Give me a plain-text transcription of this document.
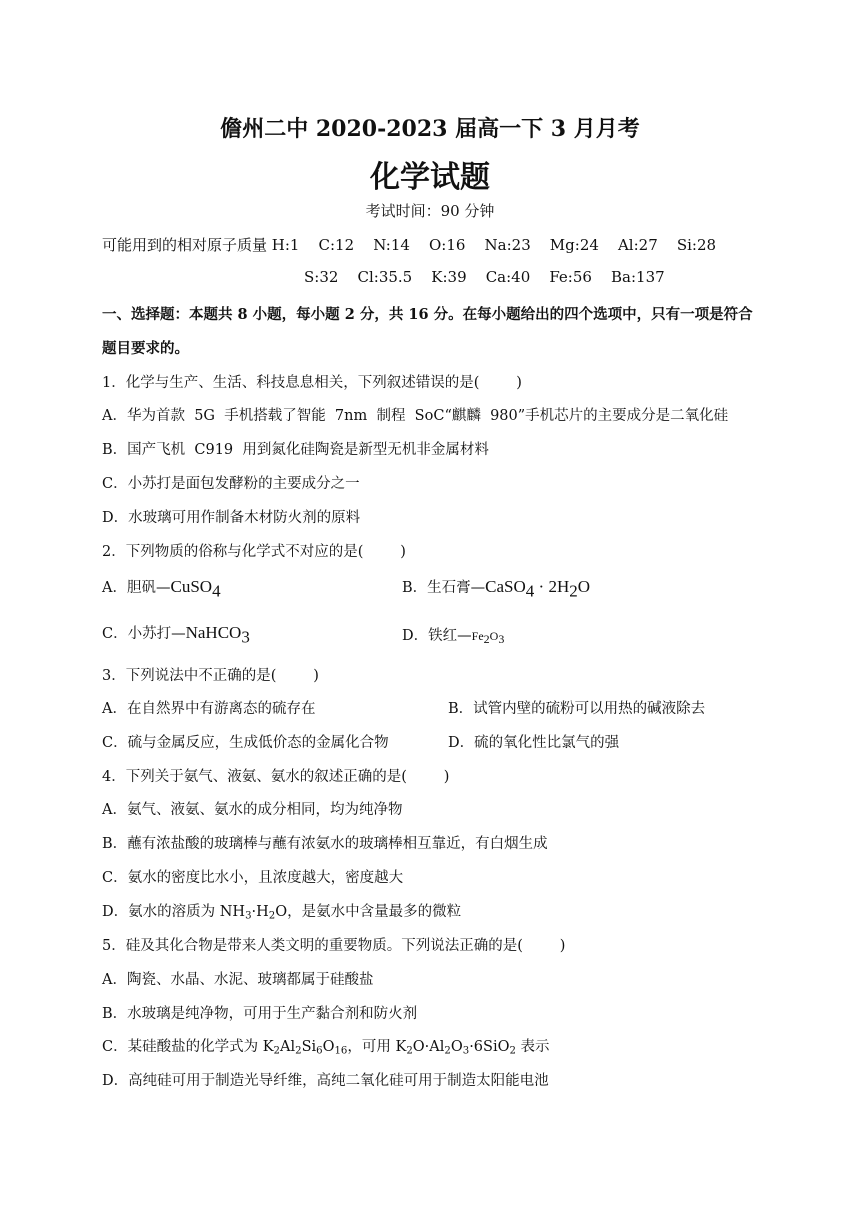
儋州二中 2020-2023 届高一下 3 月月考
化学试题
考试时间：90 分钟
可能用到的相对原子质量 H:1    C:12    N:14    O:16    Na:23    Mg:24    Al:27    Si:28
S:32    Cl:35.5    K:39    Ca:40    Fe:56    Ba:137
一、选择题：本题共 8 小题，每小题 2 分，共 16 分。在每小题给出的四个选项中，只有一项是符合
题目要求的。
1．化学与生产、生活、科技息息相关，下列叙述错误的是(        )
A．华为首款  5G  手机搭载了智能  7nm  制程  SoC“麒麟  980”手机芯片的主要成分是二氧化硅
B．国产飞机  C919  用到氮化硅陶瓷是新型无机非金属材料
C．小苏打是面包发酵粉的主要成分之一
D．水玻璃可用作制备木材防火剂的原料
2．下列物质的俗称与化学式不对应的是(        )
A．胆矾—CuSO$_4$	B．生石膏—CaSO$_4$ · $2H_2O$
C．小苏打—NaHCO$_3$	D．铁红$—Fe_2O_3$
3．下列说法中不正确的是(        )
A．在自然界中有游离态的硫存在	B．试管内壁的硫粉可以用热的碱液除去
C．硫与金属反应，生成低价态的金属化合物	D．硫的氧化性比氯气的强
4．下列关于氨气、液氨、氨水的叙述正确的是(        )
A．氨气、液氨、氨水的成分相同，均为纯净物
B．蘸有浓盐酸的玻璃棒与蘸有浓氨水的玻璃棒相互靠近，有白烟生成
C．氨水的密度比水小，且浓度越大，密度越大
D．氨水的溶质为 $NH_3\cdot H_2O$，是氨水中含量最多的微粒
5．硅及其化合物是带来人类文明的重要物质。下列说法正确的是(        )
A．陶瓷、水晶、水泥、玻璃都属于硅酸盐
B．水玻璃是纯净物，可用于生产黏合剂和防火剂
C．某硅酸盐的化学式为 $K_2Al_2Si_6O_{16}$，可用 $K_2O\cdot Al_2O_3\cdot 6SiO_2$ 表示
D．高纯硅可用于制造光导纤维，高纯二氧化硅可用于制造太阳能电池
